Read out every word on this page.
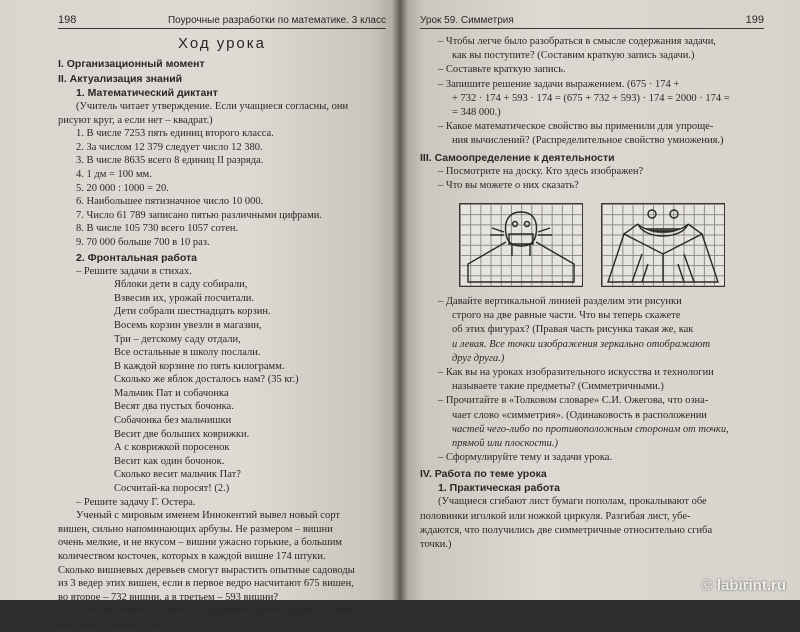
198	Поурочные разработки по математике. 3 класс
Ход урока
I. Организационный момент
II. Актуализация знаний
1. Математический диктант
(Учитель читает утверждение. Если учащиеся согласны, они
рисуют круг, а если нет – квадрат.)
1. В числе 7253 пять единиц второго класса.
2. За числом 12 379 следует число 12 380.
3. В числе 8635 всего 8 единиц II разряда.
4. 1 дм = 100 мм.
5. 20 000 : 1000 = 20.
6. Наибольшее пятизначное число 10 000.
7. Число 61 789 записано пятью различными цифрами.
8. В числе 105 730 всего 1057 сотен.
9. 70 000 больше 700 в 10 раз.
2. Фронтальная работа
– Решите задачи в стихах.
Яблоки дети в саду собирали,
Взвесив их, урожай посчитали.
Дети собрали шестнадцать корзин.
Восемь корзин увезли в магазин,
Три – детскому саду отдали,
Все остальные в школу послали.
В каждой корзине по пять килограмм.
Сколько же яблок досталось нам? (35 кг.)
Мальчик Пат и собачонка
Весят два пустых бочонка.
Собачонка без мальчишки
Весит две больших коврижки.
А с коврижкой поросенок
Весит как один бочонок.
Сколько весит мальчик Пат?
Сосчитай-ка поросят! (2.)
– Решите задачу Г. Остера.
Ученый с мировым именем Иннокентий вывел новый сорт
вишен, сильно напоминающих арбузы. Не размером – вишни
очень мелкие, и не вкусом – вишни ужасно горькие, а большим
количеством косточек, которых в каждой вишне 174 штуки.
Сколько вишневых деревьев смогут вырастить опытные садоводы
из 3 ведер этих вишен, если в первое ведро насчитают 675 вишен,
во второе – 732 вишни, а в третьем – 593 вишни?
– Что вы можете сказать о содержании данной задачи? (Слиш-
ком много лишних слов.)
Урок 59. Симметрия	199
– Чтобы легче было разобраться в смысле содержания задачи,
как вы поступите? (Составим краткую запись задачи.)
– Составьте краткую запись.
– Запишите решение задачи выражением. (675 · 174 +
+ 732 · 174 + 593 · 174 = (675 + 732 + 593) · 174 = 2000 · 174 =
= 348 000.)
– Какое математическое свойство вы применили для упроще-
ния вычислений? (Распределительное свойство умножения.)
III. Самоопределение к деятельности
– Посмотрите на доску. Кто здесь изображен?
– Что вы можете о них сказать?
– Давайте вертикальной линией разделим эти рисунки
строго на две равные части. Что вы теперь скажете
об этих фигурах? (Правая часть рисунка такая же, как
и левая. Все точки изображения зеркально отображают
друг друга.)
– Как вы на уроках изобразительного искусства и технологии
называете такие предметы? (Симметричными.)
– Прочитайте в «Толковом словаре» С.И. Ожегова, что озна-
чает слово «симметрия». (Одинаковость в расположении
частей чего-либо по противоположным сторонам от точки,
прямой или плоскости.)
– Сформулируйте тему и задачи урока.
IV. Работа по теме урока
1. Практическая работа
(Учащиеся сгибают лист бумаги пополам, прокалывают обе
половинки иголкой или ножкой циркуля. Разгибая лист, убе-
ждаются, что получились две симметричные относительно сгиба
точки.)
© labirint.ru
